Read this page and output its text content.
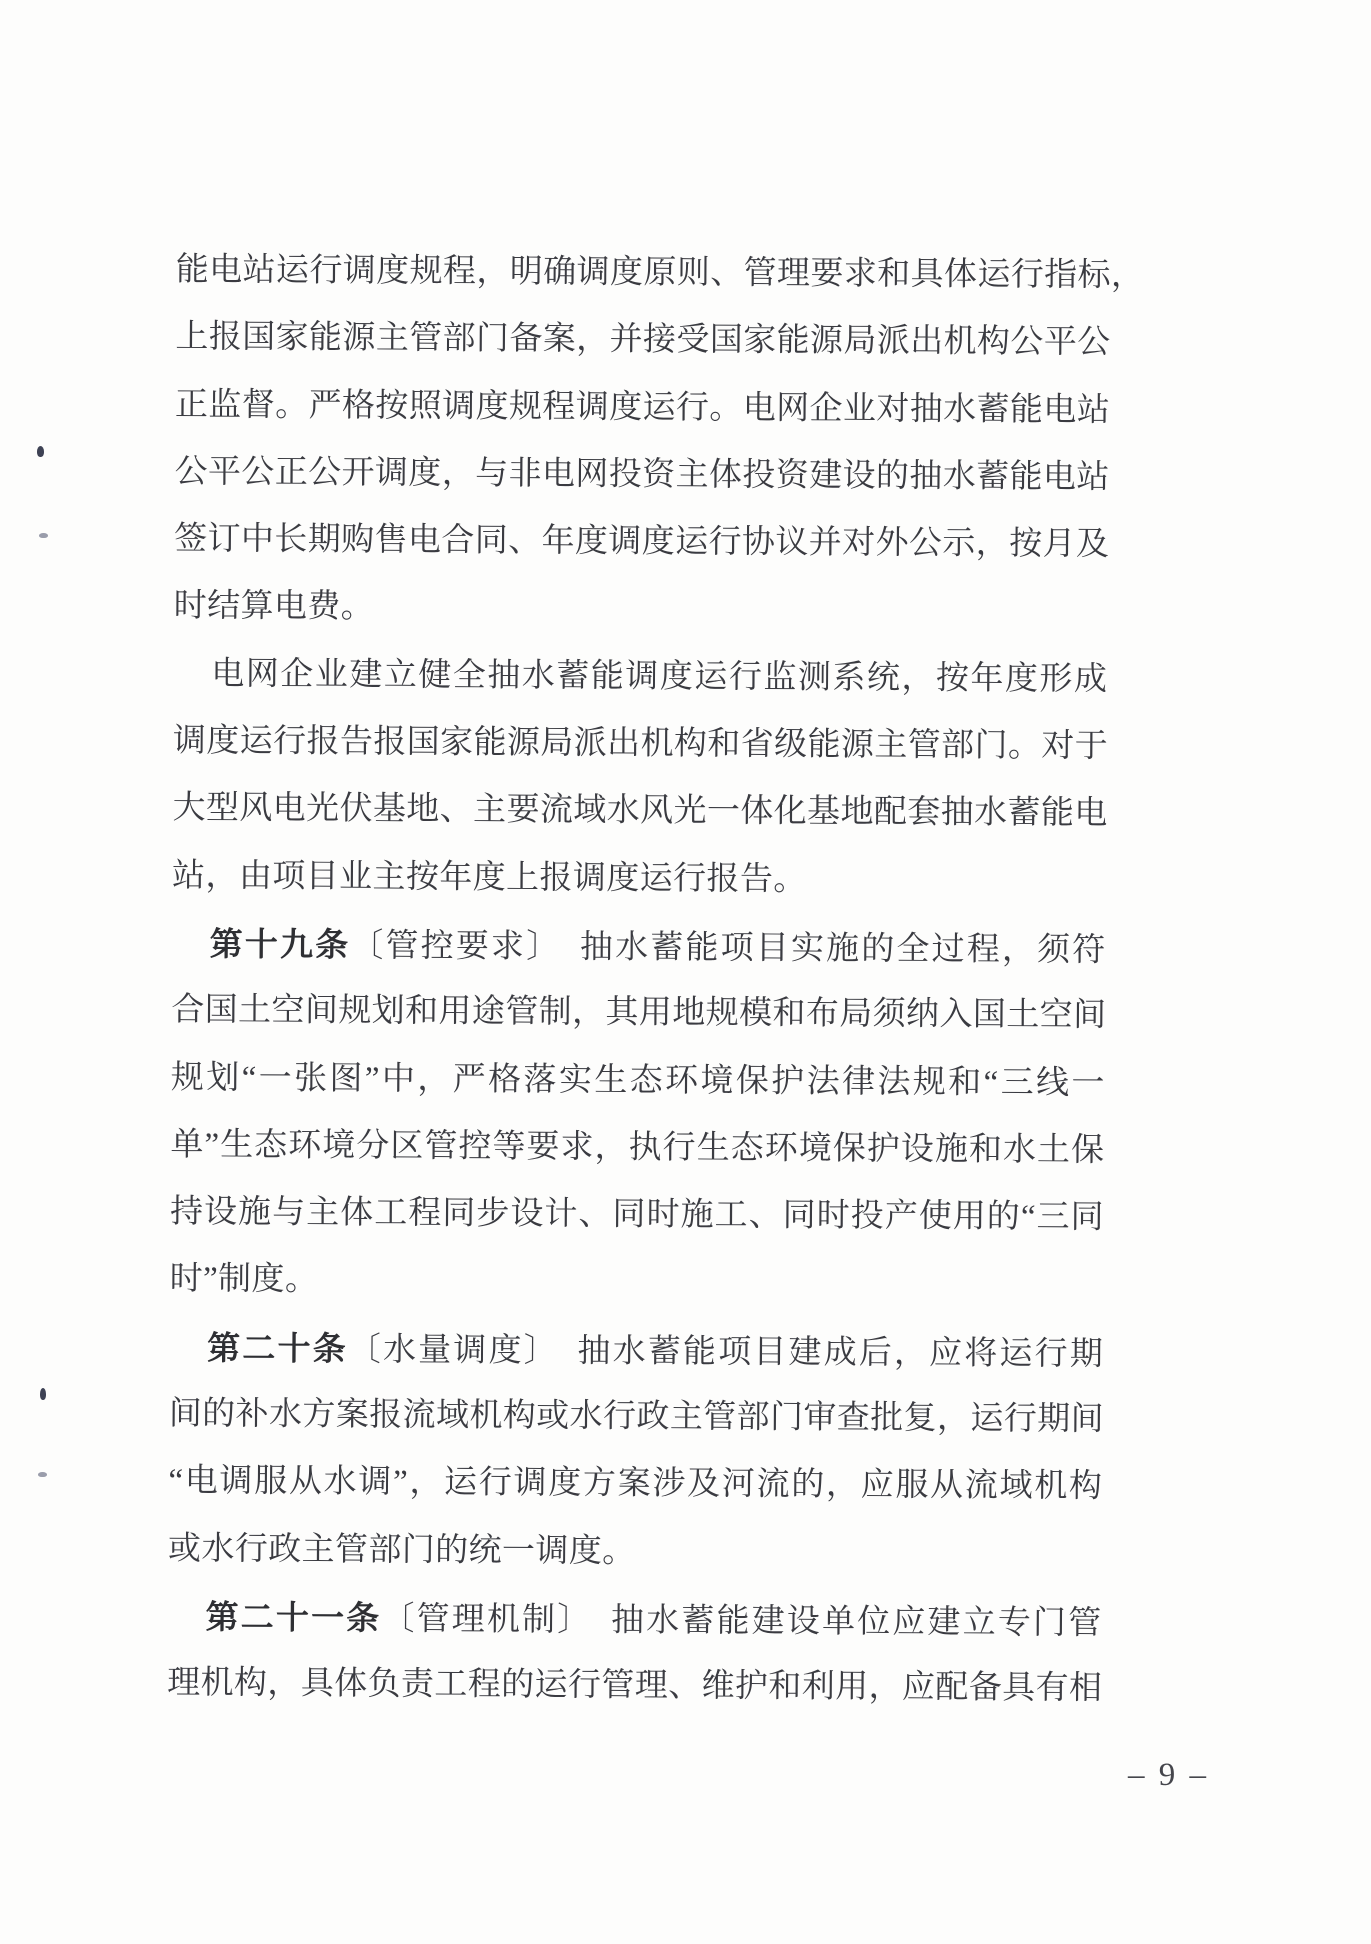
能电站运行调度规程，明确调度原则、管理要求和具体运行指标，
上报国家能源主管部门备案，并接受国家能源局派出机构公平公
正监督。严格按照调度规程调度运行。电网企业对抽水蓄能电站
公平公正公开调度，与非电网投资主体投资建设的抽水蓄能电站
签订中长期购售电合同、年度调度运行协议并对外公示，按月及
时结算电费。
电网企业建立健全抽水蓄能调度运行监测系统，按年度形成
调度运行报告报国家能源局派出机构和省级能源主管部门。对于
大型风电光伏基地、主要流域水风光一体化基地配套抽水蓄能电
站，由项目业主按年度上报调度运行报告。
第十九条〔管控要求〕　抽水蓄能项目实施的全过程，须符
合国土空间规划和用途管制，其用地规模和布局须纳入国土空间
规划“一张图”中，严格落实生态环境保护法律法规和“三线一
单”生态环境分区管控等要求，执行生态环境保护设施和水土保
持设施与主体工程同步设计、同时施工、同时投产使用的“三同
时”制度。
第二十条〔水量调度〕　抽水蓄能项目建成后，应将运行期
间的补水方案报流域机构或水行政主管部门审查批复，运行期间
“电调服从水调”，运行调度方案涉及河流的，应服从流域机构
或水行政主管部门的统一调度。
第二十一条〔管理机制〕　抽水蓄能建设单位应建立专门管
理机构，具体负责工程的运行管理、维护和利用，应配备具有相
– 9 –
